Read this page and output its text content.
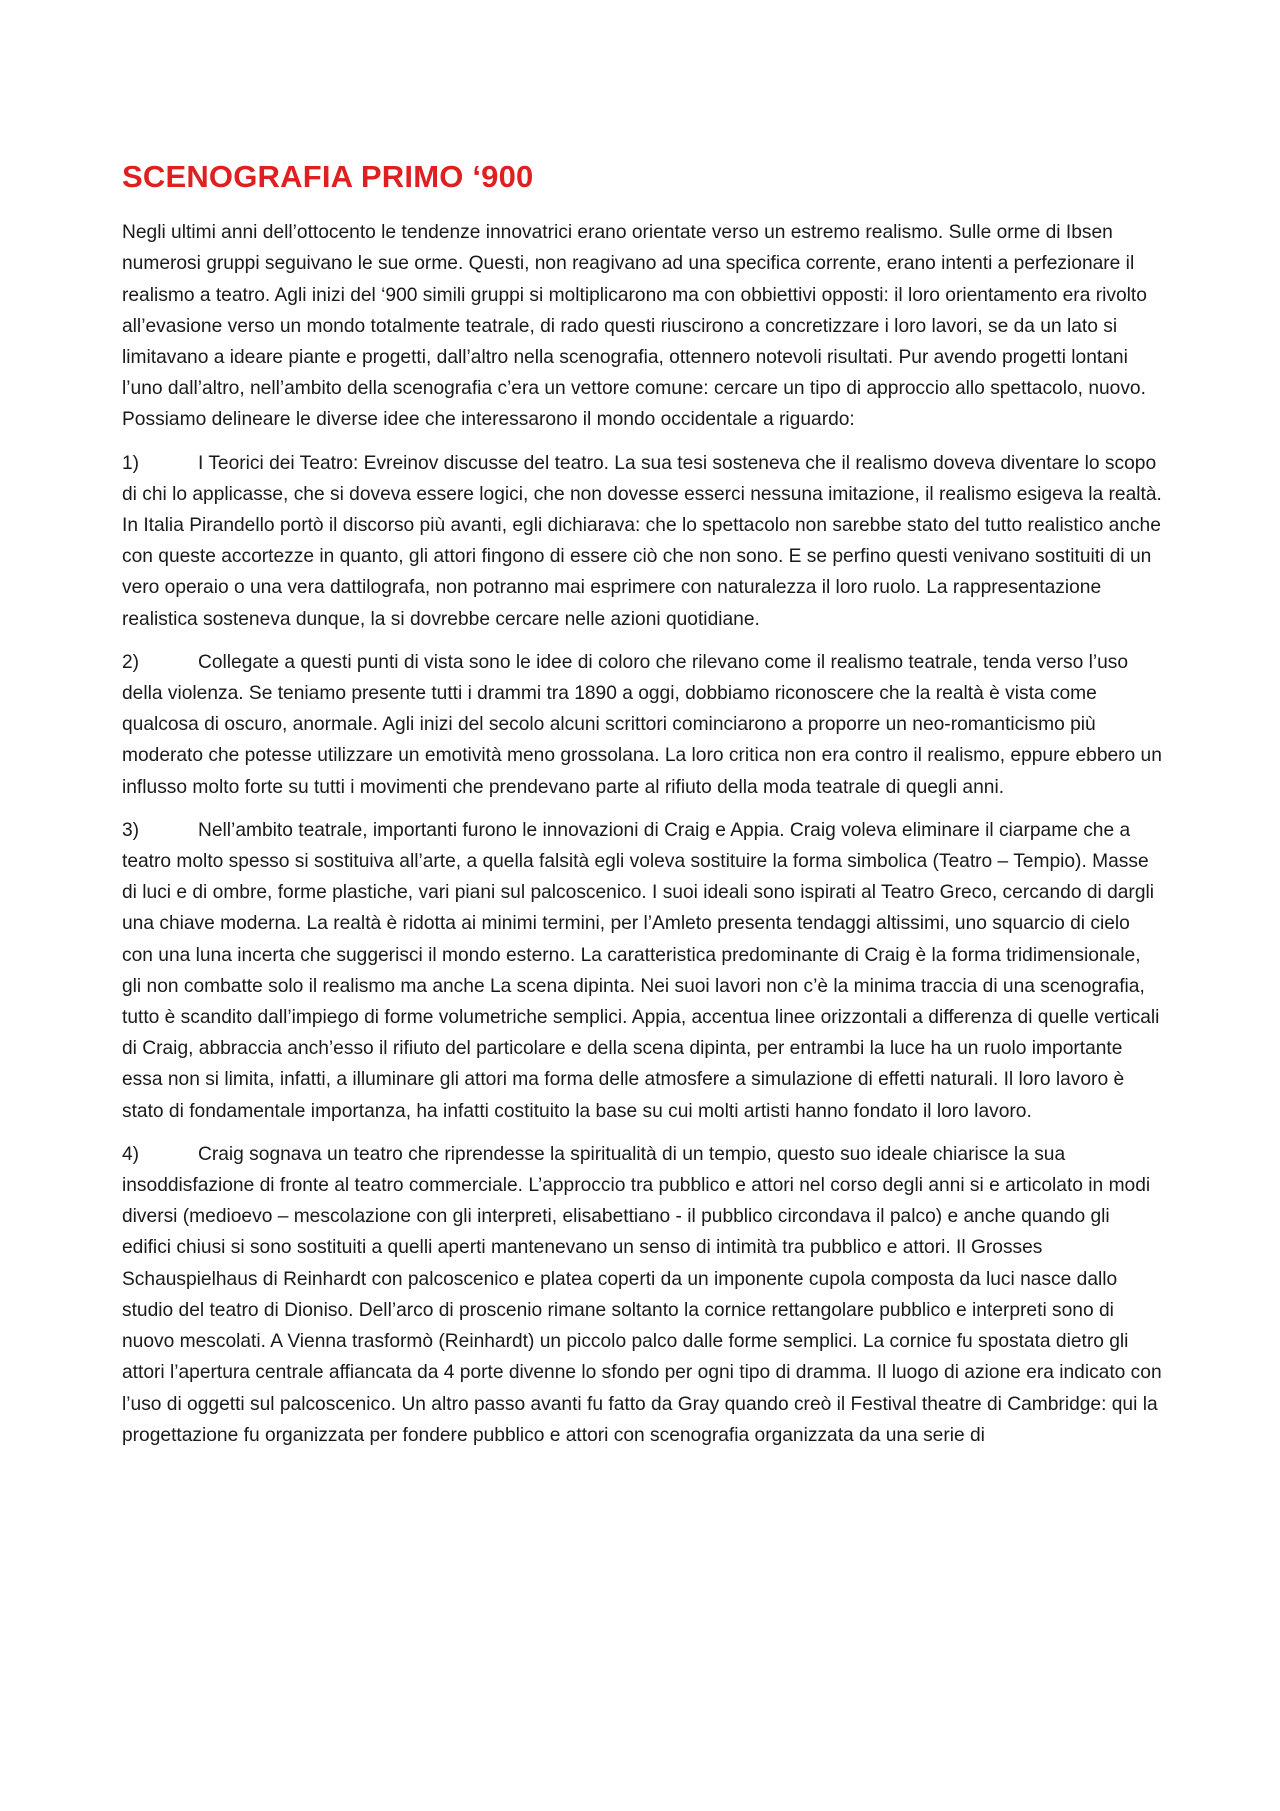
SCENOGRAFIA PRIMO ‘900

Negli ultimi anni dell’ottocento le tendenze innovatrici erano orientate verso un estremo realismo. Sulle orme di Ibsen numerosi gruppi seguivano le sue orme. Questi, non reagivano ad una specifica corrente, erano intenti a perfezionare il realismo a teatro. Agli inizi del ‘900 simili gruppi si moltiplicarono ma con obbiettivi opposti: il loro orientamento era rivolto all’evasione verso un mondo totalmente teatrale, di rado questi riuscirono a concretizzare i loro lavori, se da un lato si limitavano a ideare piante e progetti, dall’altro nella scenografia, ottennero notevoli risultati. Pur avendo progetti lontani l’uno dall’altro, nell’ambito della scenografia c’era un vettore comune: cercare un tipo di approccio allo spettacolo, nuovo. Possiamo delineare le diverse idee che interessarono il mondo occidentale a riguardo:

1)	I Teorici dei Teatro: Evreinov discusse del teatro. La sua tesi sosteneva che il realismo doveva diventare lo scopo di chi lo applicasse, che si doveva essere logici, che non dovesse esserci nessuna imitazione, il realismo esigeva la realtà. In Italia Pirandello portò il discorso più avanti, egli dichiarava: che lo spettacolo non sarebbe stato del tutto realistico anche con queste accortezze in quanto, gli attori fingono di essere ciò che non sono. E se perfino questi venivano sostituiti di un vero operaio o una vera dattilografa, non potranno mai esprimere con naturalezza il loro ruolo. La rappresentazione realistica sosteneva dunque, la si dovrebbe cercare nelle azioni quotidiane.
2)	Collegate a questi punti di vista sono le idee di coloro che rilevano come il realismo teatrale, tenda verso l’uso della violenza. Se teniamo presente tutti i drammi tra 1890 a oggi, dobbiamo riconoscere che la realtà è vista come qualcosa di oscuro, anormale. Agli inizi del secolo alcuni scrittori cominciarono a proporre un neo-romanticismo più moderato che potesse utilizzare un emotività meno grossolana. La loro critica non era contro il realismo, eppure ebbero un influsso molto forte su tutti i movimenti che prendevano parte al rifiuto della moda teatrale di quegli anni.
3)	Nell’ambito teatrale, importanti furono le innovazioni di Craig e Appia. Craig voleva eliminare il ciarpame che a teatro molto spesso si sostituiva all’arte, a quella falsità egli voleva sostituire la forma simbolica (Teatro – Tempio). Masse di luci e di ombre, forme plastiche, vari piani sul palcoscenico. I suoi ideali sono ispirati al Teatro Greco, cercando di dargli una chiave moderna. La realtà è ridotta ai minimi termini, per l’Amleto presenta tendaggi altissimi, uno squarcio di cielo con una luna incerta che suggerisci il mondo esterno. La caratteristica predominante di Craig è la forma tridimensionale, gli non combatte solo il realismo ma anche La scena dipinta. Nei suoi lavori non c’è la minima traccia di una scenografia, tutto è scandito dall’impiego di forme volumetriche semplici. Appia, accentua linee orizzontali a differenza di quelle verticali di Craig, abbraccia anch’esso il rifiuto del particolare e della scena dipinta, per entrambi la luce ha un ruolo importante essa non si limita, infatti, a illuminare gli attori ma forma delle atmosfere a simulazione di effetti naturali. Il loro lavoro è stato di fondamentale importanza, ha infatti costituito la base su cui molti artisti hanno fondato il loro lavoro.
4)	Craig sognava un teatro che riprendesse la spiritualità di un tempio, questo suo ideale chiarisce la sua insoddisfazione di fronte al teatro commerciale. L’approccio tra pubblico e attori nel corso degli anni si e articolato in modi diversi (medioevo – mescolazione con gli interpreti, elisabettiano - il pubblico circondava il palco) e anche quando gli edifici chiusi si sono sostituiti a quelli aperti mantenevano un senso di intimità tra pubblico e attori. Il Grosses Schauspielhaus di Reinhardt con palcoscenico e platea coperti da un imponente cupola composta da luci nasce dallo studio del teatro di Dioniso. Dell’arco di proscenio rimane soltanto la cornice rettangolare pubblico e interpreti sono di nuovo mescolati. A Vienna trasformò (Reinhardt) un piccolo palco dalle forme semplici. La cornice fu spostata dietro gli attori l’apertura centrale affiancata da 4 porte divenne lo sfondo per ogni tipo di dramma. Il luogo di azione era indicato con l’uso di oggetti sul palcoscenico. Un altro passo avanti fu fatto da Gray quando creò il Festival theatre di Cambridge: qui la progettazione fu organizzata per fondere pubblico e attori con scenografia organizzata da una serie di
